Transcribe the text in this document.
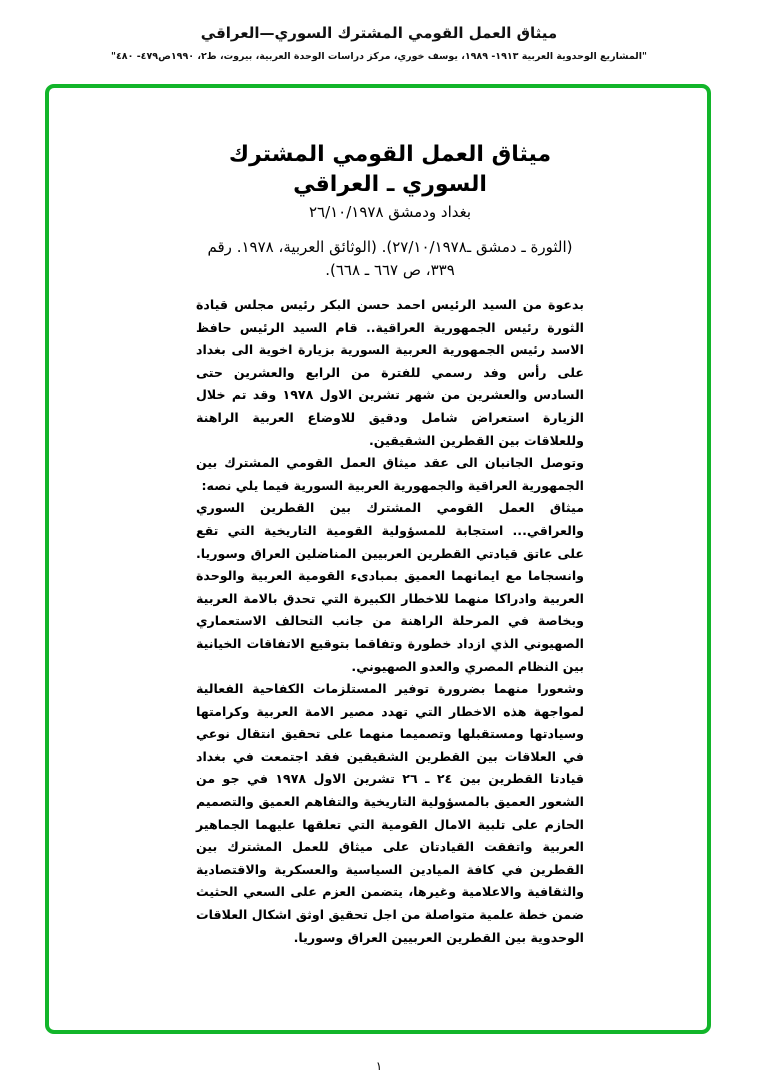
ميثاق العمل القومي المشترك السوري—العراقي
"المشاريع الوحدوية العربية ١٩١٣- ١٩٨٩، يوسف خوري، مركز دراسات الوحدة العربية، بيروت، ط٢، ١٩٩٠ص٤٧٩- ٤٨٠"
ميثاق العمل القومي المشترك السوري ـ العراقي
بغداد ودمشق ٢٦/١٠/١٩٧٨
(الثورة ـ دمشق ـ٢٧/١٠/١٩٧٨). (الوثائق العربية، ١٩٧٨. رقم ٣٣٩، ص ٦٦٧ ـ ٦٦٨).

بدعوة من السيد الرئيس احمد حسن البكر رئيس مجلس قيادة الثورة رئيس الجمهورية العراقية.. قام السيد الرئيس حافظ الاسد رئيس الجمهورية العربية السورية بزيارة اخوية الى بغداد على رأس وفد رسمي للفترة من الرابع والعشرين حتى السادس والعشرين من شهر تشرين الاول ١٩٧٨ وقد تم خلال الزيارة استعراض شامل ودقيق للاوضاع العربية الراهنة وللعلاقات بين القطرين الشقيقين.

وتوصل الجانبان الى عقد ميثاق العمل القومي المشترك بين الجمهورية العراقية والجمهورية العربية السورية فيما يلي نصه:

ميثاق العمل القومي المشترك بين القطرين السوري والعراقي... استجابة للمسؤولية القومية التاريخية التي تقع على عاتق قيادتي القطرين العربيين المناضلين العراق وسوريا. وانسجاما مع ايمانهما العميق بمبادىء القومية العربية والوحدة العربية وادراكا منهما للاخطار الكبيرة التي تحدق بالامة العربية وبخاصة في المرحلة الراهنة من جانب التحالف الاستعماري الصهيوني الذي ازداد خطورة وتفاقما بتوقيع الاتفاقات الخيانية بين النظام المصري والعدو الصهيوني.

وشعورا منهما بضرورة توفير المستلزمات الكفاحية الفعالية لمواجهة هذه الاخطار التي تهدد مصير الامة العربية وكرامتها وسيادتها ومستقبلها وتصميما منهما على تحقيق انتقال نوعي في العلاقات بين القطرين الشقيقين فقد اجتمعت في بغداد قيادتا القطرين بين ٢٤ ـ ٢٦ تشرين الاول ١٩٧٨ في جو من الشعور العميق بالمسؤولية التاريخية والتفاهم العميق والتصميم الحازم على تلبية الامال القومية التي تعلقها عليهما الجماهير العربية واتفقت القيادتان على ميثاق للعمل المشترك بين القطرين في كافة الميادين السياسية والعسكرية والاقتصادية والثقافية والاعلامية وغيرها، يتضمن العزم على السعي الحثيث ضمن خطة علمية متواصلة من اجل تحقيق اوثق اشكال العلاقات الوحدوية بين القطرين العربيين العراق وسوريا.

١
